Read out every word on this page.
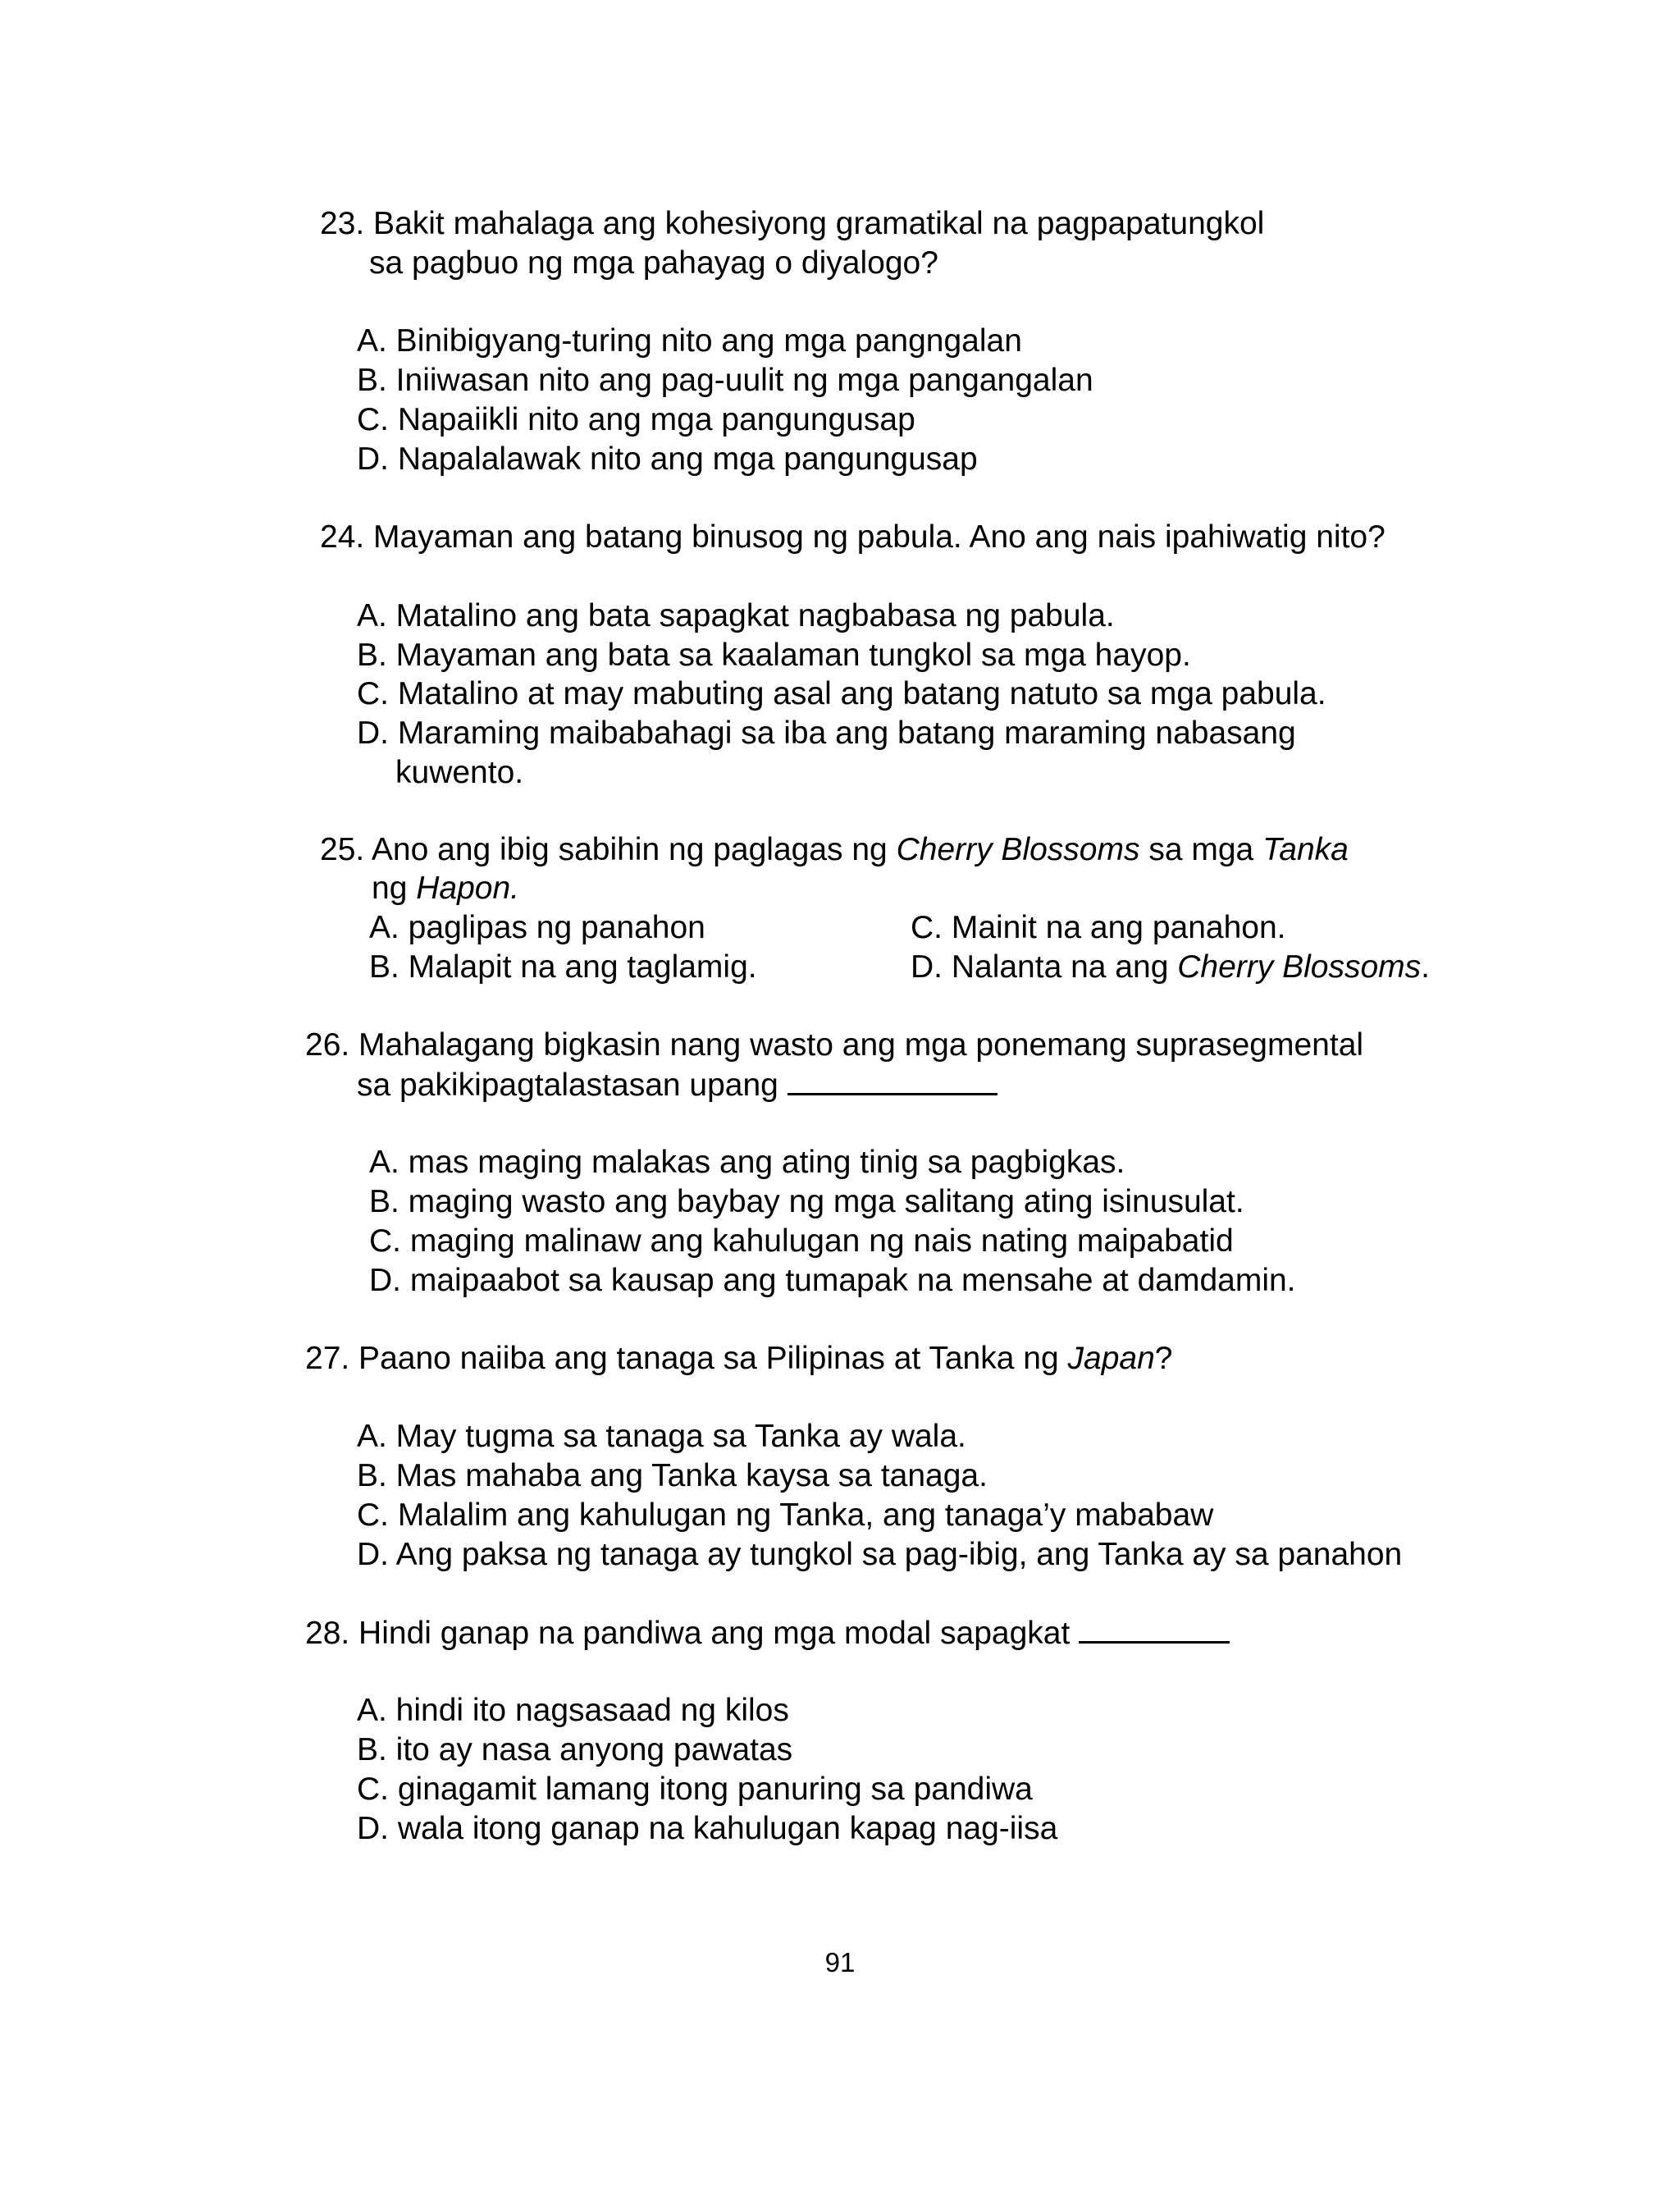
23. Bakit mahalaga ang kohesiyong gramatikal na pagpapatungkol
sa pagbuo ng mga pahayag o diyalogo?
A. Binibigyang-turing nito ang mga pangngalan
B. Iniiwasan nito ang pag-uulit ng mga pangangalan
C. Napaiikli nito ang mga pangungusap
D. Napalalawak nito ang mga pangungusap
24. Mayaman ang batang binusog ng pabula. Ano ang nais ipahiwatig nito?
A. Matalino ang bata sapagkat nagbabasa ng pabula.
B. Mayaman ang bata sa kaalaman tungkol sa mga hayop.
C. Matalino at may mabuting asal ang batang natuto sa mga pabula.
D. Maraming maibabahagi sa iba ang batang maraming nabasang
kuwento.
25. Ano ang ibig sabihin ng paglagas ng Cherry Blossoms sa mga Tanka
ng Hapon.
A. paglipas ng panahon	C. Mainit na ang panahon.
B. Malapit na ang taglamig.	D. Nalanta na ang Cherry Blossoms.
26. Mahalagang bigkasin nang wasto ang mga ponemang suprasegmental
sa pakikipagtalastasan upang
A. mas maging malakas ang ating tinig sa pagbigkas.
B. maging wasto ang baybay ng mga salitang ating isinusulat.
C. maging malinaw ang kahulugan ng nais nating maipabatid
D. maipaabot sa kausap ang tumapak na mensahe at damdamin.
27. Paano naiiba ang tanaga sa Pilipinas at Tanka ng Japan?
A. May tugma sa tanaga sa Tanka ay wala.
B. Mas mahaba ang Tanka kaysa sa tanaga.
C. Malalim ang kahulugan ng Tanka, ang tanaga’y mababaw
D. Ang paksa ng tanaga ay tungkol sa pag-ibig, ang Tanka ay sa panahon
28. Hindi ganap na pandiwa ang mga modal sapagkat
A. hindi ito nagsasaad ng kilos
B. ito ay nasa anyong pawatas
C. ginagamit lamang itong panuring sa pandiwa
D. wala itong ganap na kahulugan kapag nag-iisa
91
